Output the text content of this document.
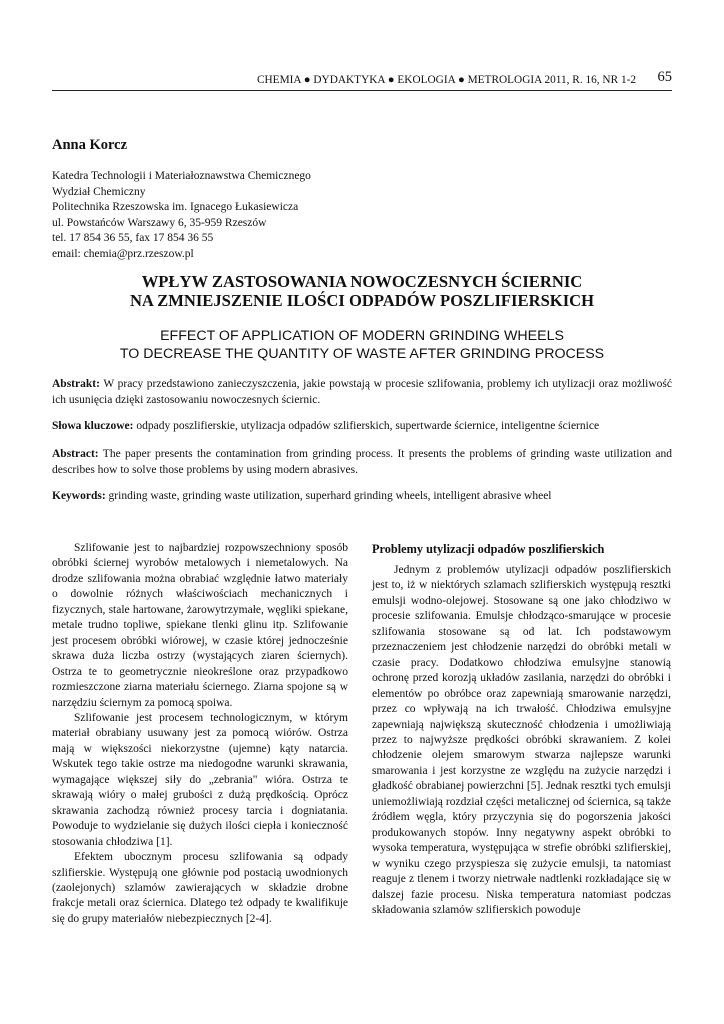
CHEMIA ● DYDAKTYKA ● EKOLOGIA ● METROLOGIA 2011, R. 16, NR 1-2 65
Anna Korcz
Katedra Technologii i Materiałoznawstwa Chemicznego
Wydział Chemiczny
Politechnika Rzeszowska im. Ignacego Łukasiewicza
ul. Powstańców Warszawy 6, 35-959 Rzeszów
tel. 17 854 36 55, fax 17 854 36 55
email: chemia@prz.rzeszow.pl
WPŁYW ZASTOSOWANIA NOWOCZESNYCH ŚCIERNIC
NA ZMNIEJSZENIE ILOŚCI ODPADÓW POSZLIFIERSKICH
EFFECT OF APPLICATION OF MODERN GRINDING WHEELS
TO DECREASE THE QUANTITY OF WASTE AFTER GRINDING PROCESS
Abstrakt: W pracy przedstawiono zanieczyszczenia, jakie powstają w procesie szlifowania, problemy ich utylizacji oraz możliwość ich usunięcia dzięki zastosowaniu nowoczesnych ściernic.
Słowa kluczowe: odpady poszlifierskie, utylizacja odpadów szlifierskich, supertwarde ściernice, inteligentne ściernice
Abstract: The paper presents the contamination from grinding process. It presents the problems of grinding waste utilization and describes how to solve those problems by using modern abrasives.
Keywords: grinding waste, grinding waste utilization, superhard grinding wheels, intelligent abrasive wheel

Szlifowanie jest to najbardziej rozpowszechniony sposób obróbki ściernej wyrobów metalowych i niemetalowych. Na drodze szlifowania można obrabiać względnie łatwo materiały o dowolnie różnych właściwościach mechanicznych i fizycznych, stale hartowane, żarowytrzymałe, węgliki spiekane, metale trudno topliwe, spiekane tlenki glinu itp. Szlifowanie jest procesem obróbki wiórowej, w czasie której jednocześnie skrawa duża liczba ostrzy (wystających ziaren ściernych). Ostrza te to geometrycznie nieokreślone oraz przypadkowo rozmieszczone ziarna materiału ściernego. Ziarna spojone są w narzędziu ściernym za pomocą spoiwa.

Szlifowanie jest procesem technologicznym, w którym materiał obrabiany usuwany jest za pomocą wiórów. Ostrza mają w większości niekorzystne (ujemne) kąty natarcia. Wskutek tego takie ostrze ma niedogodne warunki skrawania, wymagające większej siły do „zebrania" wióra. Ostrza te skrawają wióry o małej grubości z dużą prędkością. Oprócz skrawania zachodzą również procesy tarcia i dogniatania. Powoduje to wydzielanie się dużych ilości ciepła i konieczność stosowania chłodziwa [1].

Efektem ubocznym procesu szlifowania są odpady szlifierskie. Występują one głównie pod postacią uwodnionych (zaolejonych) szlamów zawierających w składzie drobne frakcje metali oraz ściernica. Dlatego też odpady te kwalifikuje się do grupy materiałów niebezpiecznych [2-4].

Problemy utylizacji odpadów poszlifierskich

Jednym z problemów utylizacji odpadów poszlifierskich jest to, iż w niektórych szlamach szlifierskich występują resztki emulsji wodno-olejowej. Stosowane są one jako chłodziwo w procesie szlifowania. Emulsje chłodząco-smarujące w procesie szlifowania stosowane są od lat. Ich podstawowym przeznaczeniem jest chłodzenie narzędzi do obróbki metali w czasie pracy. Dodatkowo chłodziwa emulsyjne stanowią ochronę przed korozją układów zasilania, narzędzi do obróbki i elementów po obróbce oraz zapewniają smarowanie narzędzi, przez co wpływają na ich trwałość. Chłodziwa emulsyjne zapewniają największą skuteczność chłodzenia i umożliwiają przez to najwyższe prędkości obróbki skrawaniem. Z kolei chłodzenie olejem smarowym stwarza najlepsze warunki smarowania i jest korzystne ze względu na zużycie narzędzi i gładkość obrabianej powierzchni [5]. Jednak resztki tych emulsji uniemożliwiają rozdział części metalicznej od ściernica, są także źródłem węgla, który przyczynia się do pogorszenia jakości produkowanych stopów. Inny negatywny aspekt obróbki to wysoka temperatura, występująca w strefie obróbki szlifierskiej, w wyniku czego przyspiesza się zużycie emulsji, ta natomiast reaguje z tlenem i tworzy nietrwałe nadtlenki rozkładające się w dalszej fazie procesu. Niska temperatura natomiast podczas składowania szlamów szlifierskich powoduje
